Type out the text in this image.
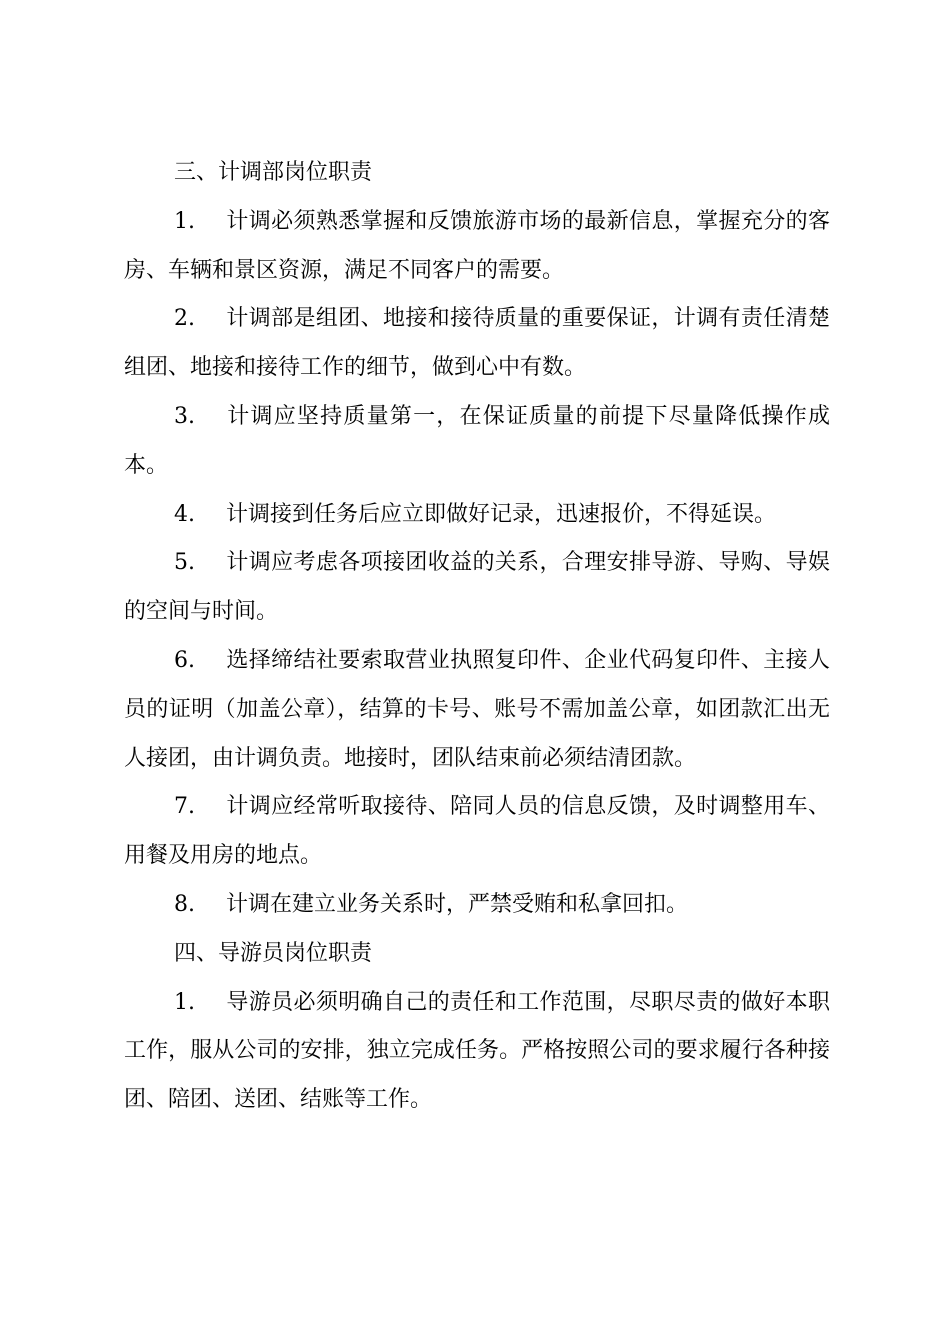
三、计调部岗位职责

1. 计调必须熟悉掌握和反馈旅游市场的最新信息，掌握充分的客房、车辆和景区资源，满足不同客户的需要。

2. 计调部是组团、地接和接待质量的重要保证，计调有责任清楚组团、地接和接待工作的细节，做到心中有数。

3. 计调应坚持质量第一，在保证质量的前提下尽量降低操作成本。

4. 计调接到任务后应立即做好记录，迅速报价，不得延误。

5. 计调应考虑各项接团收益的关系，合理安排导游、导购、导娱的空间与时间。

6. 选择缔结社要索取营业执照复印件、企业代码复印件、主接人员的证明（加盖公章），结算的卡号、账号不需加盖公章，如团款汇出无人接团，由计调负责。地接时，团队结束前必须结清团款。

7. 计调应经常听取接待、陪同人员的信息反馈，及时调整用车、用餐及用房的地点。

8. 计调在建立业务关系时，严禁受贿和私拿回扣。

四、导游员岗位职责

1. 导游员必须明确自己的责任和工作范围，尽职尽责的做好本职工作，服从公司的安排，独立完成任务。严格按照公司的要求履行各种接团、陪团、送团、结账等工作。
